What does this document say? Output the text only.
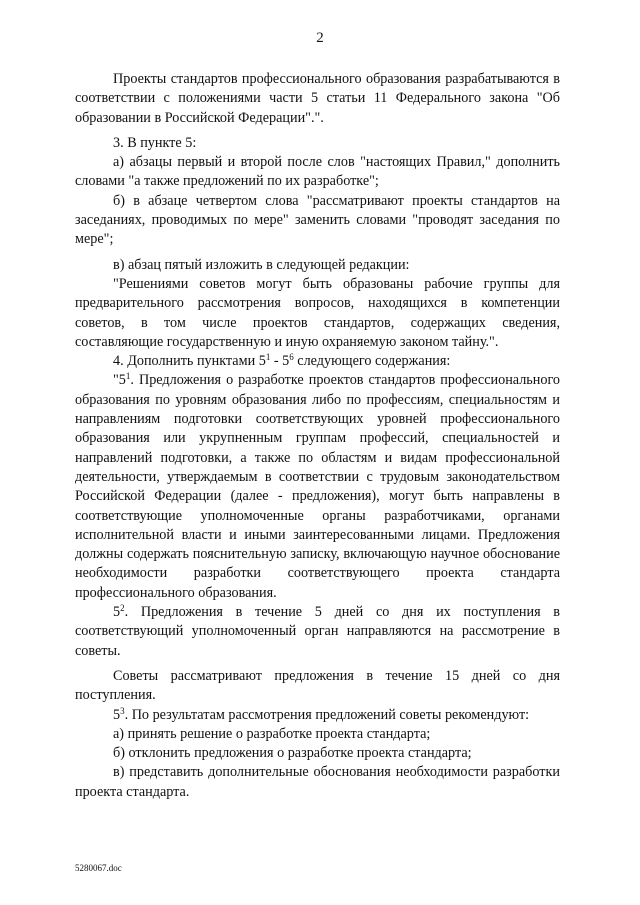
2

Проекты стандартов профессионального образования разрабатываются в соответствии с положениями части 5 статьи 11 Федерального закона "Об образовании в Российской Федерации".".

3. В пункте 5:

а) абзацы первый и второй после слов "настоящих Правил," дополнить словами "а также предложений по их разработке";

б) в абзаце четвертом слова "рассматривают проекты стандартов на заседаниях, проводимых по мере" заменить словами "проводят заседания по мере";

в) абзац пятый изложить в следующей редакции:

"Решениями советов могут быть образованы рабочие группы для предварительного рассмотрения вопросов, находящихся в компетенции советов, в том числе проектов стандартов, содержащих сведения, составляющие государственную и иную охраняемую законом тайну.".

4. Дополнить пунктами $5^1 - 5^6$ следующего содержания:

"$5^1$. Предложения о разработке проектов стандартов профессионального образования по уровням образования либо по профессиям, специальностям и направлениям подготовки соответствующих уровней профессионального образования или укрупненным группам профессий, специальностей и направлений подготовки, а также по областям и видам профессиональной деятельности, утверждаемым в соответствии с трудовым законодательством Российской Федерации (далее - предложения), могут быть направлены в соответствующие уполномоченные органы разработчиками, органами исполнительной власти и иными заинтересованными лицами. Предложения должны содержать пояснительную записку, включающую научное обоснование необходимости разработки соответствующего проекта стандарта профессионального образования.

$5^2$. Предложения в течение 5 дней со дня их поступления в соответствующий уполномоченный орган направляются на рассмотрение в советы.

Советы рассматривают предложения в течение 15 дней со дня поступления.

$5^3$. По результатам рассмотрения предложений советы рекомендуют:

а) принять решение о разработке проекта стандарта;

б) отклонить предложения о разработке проекта стандарта;

в) представить дополнительные обоснования необходимости разработки проекта стандарта.

5280067.doc
